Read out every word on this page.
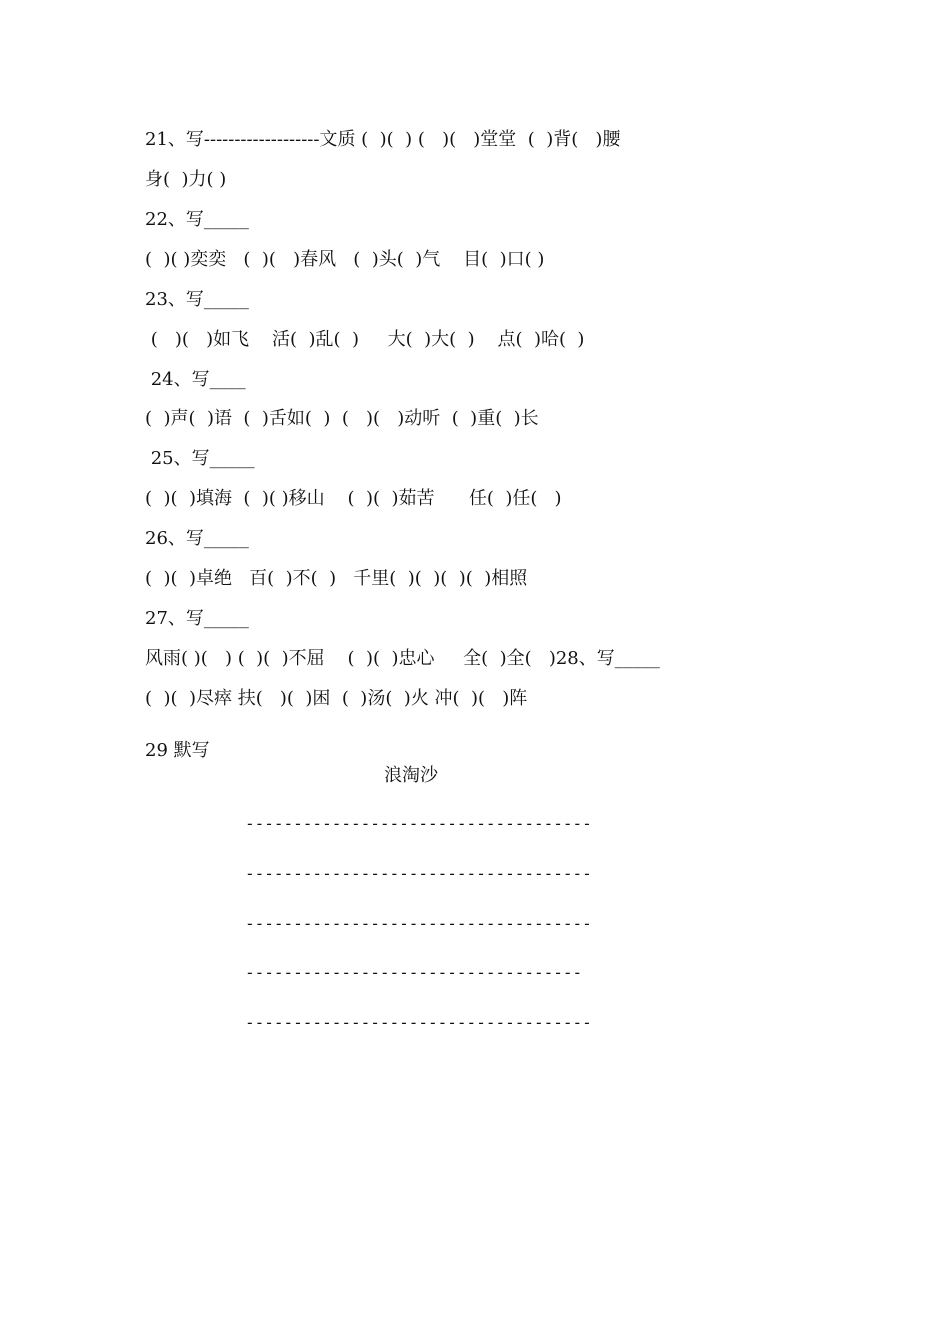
21、写-------------------文质 (  )(  ) (   )(   )堂堂  (  )背(   )腰
身(  )力( )
22、写_____
(  )( )奕奕   (  )(   )春风   (  )头(  )气    目(  )口( )
23、写_____
(   )(   )如飞    活(  )乱(  )     大(  )大(  )    点(  )哈(  )
24、写____
(  )声(  )语  (  )舌如(  )  (   )(   )动听  (  )重(  )长
25、写_____
(  )(  )填海  (  )( )移山    (  )(  )茹苦      任(  )任(   )
26、写_____
(  )(  )卓绝   百(  )不(  )   千里(  )(  )(  )(  )相照
27、写_____
风雨( )(   ) (  )(  )不屈    (  )(  )忠心     全(  )全(   )28、写_____
(  )(  )尽瘁 扶(   )(  )困  (  )汤(  )火 冲(  )(   )阵
29 默写
浪淘沙
------------------------------------
------------------------------------
------------------------------------
-----------------------------------
------------------------------------
